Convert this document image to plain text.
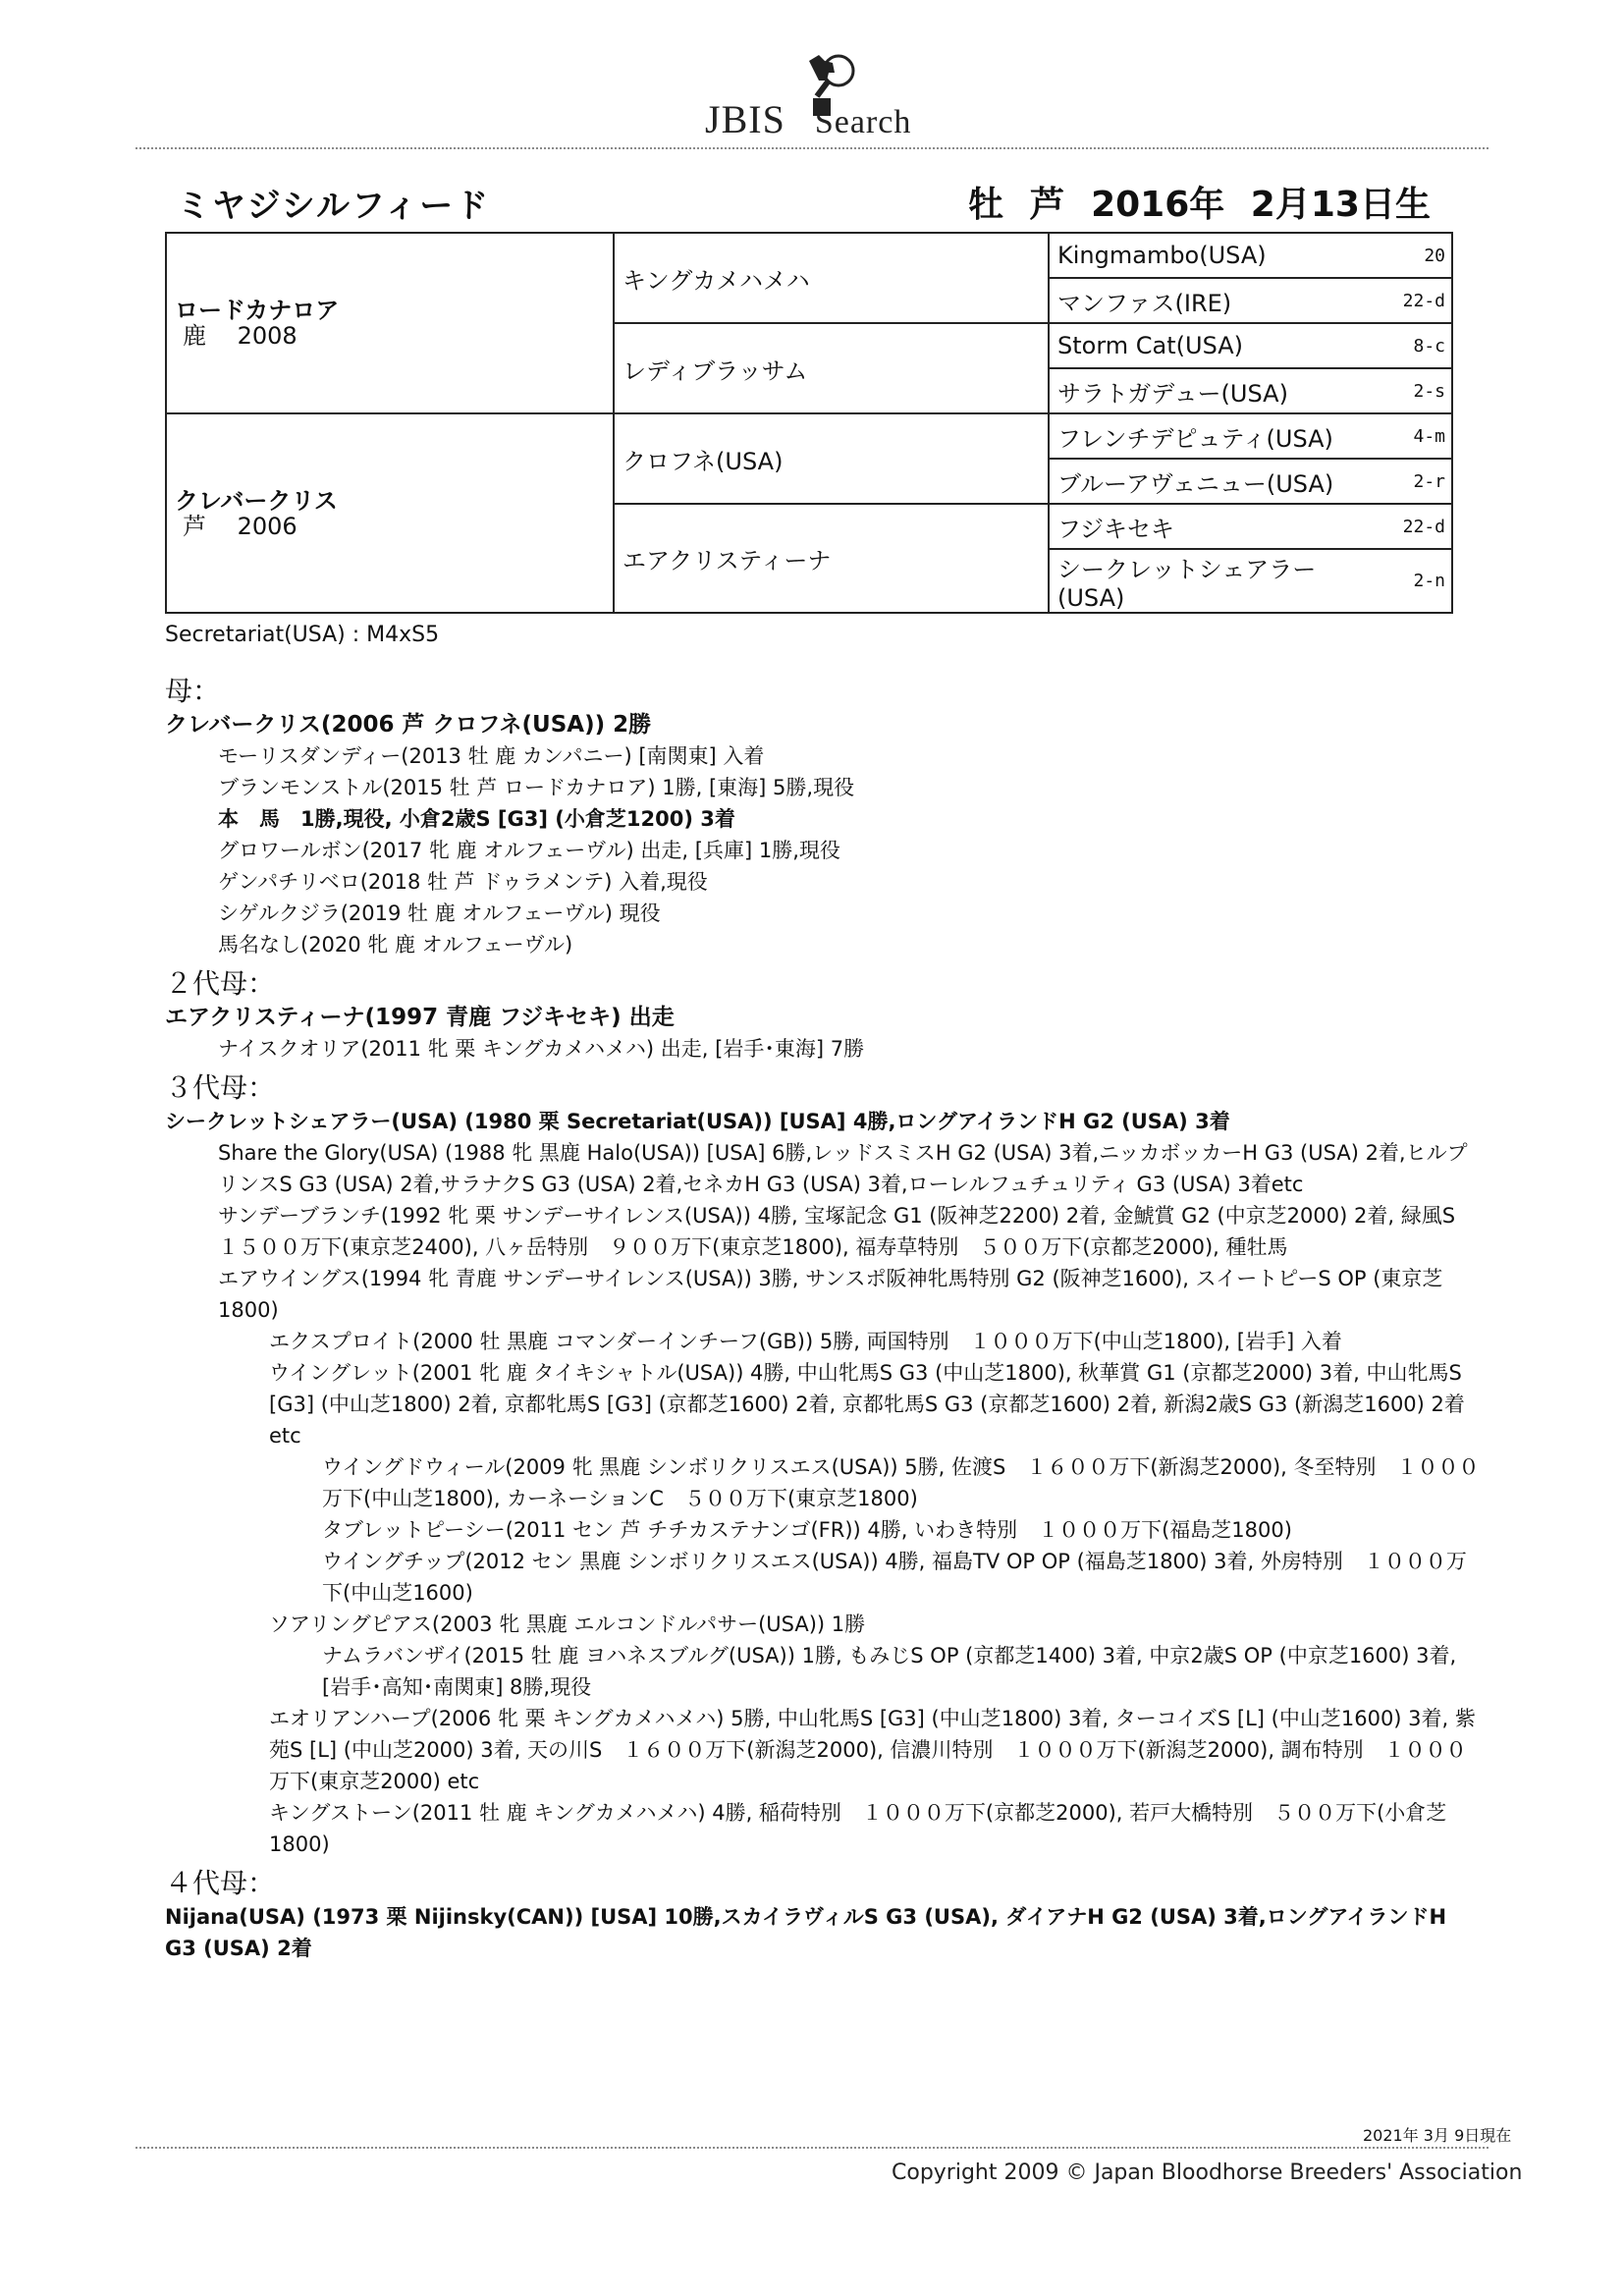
JBIS Search
ミヤジシルフィード	牡 芦 2016年 2月13日生
ロードカナロア
鹿　 2008	キングカメハメハ	Kingmambo(USA)	20
		マンファス(IRE)	22-d
	レディブラッサム	Storm Cat(USA)	8-c
		サラトガデュー(USA)	2-s

クレバークリス
芦　 2006	クロフネ(USA)	フレンチデピュティ(USA)	4-m
		ブルーアヴェニュー(USA)	2-r
	エアクリスティーナ	フジキセキ	22-d
		シークレットシェアラー(USA)	2-n
Secretariat(USA) : M4xS5
母：
クレバークリス(2006 芦 クロフネ(USA)) 2勝
モーリスダンディー(2013 牡 鹿 カンパニー) [南関東] 入着
ブランモンストル(2015 牡 芦 ロードカナロア) 1勝, [東海] 5勝,現役
本　馬　1勝,現役, 小倉2歳S [G3] (小倉芝1200) 3着
グロワールボン(2017 牝 鹿 オルフェーヴル) 出走, [兵庫] 1勝,現役
ゲンパチリベロ(2018 牡 芦 ドゥラメンテ) 入着,現役
シゲルクジラ(2019 牡 鹿 オルフェーヴル) 現役
馬名なし(2020 牝 鹿 オルフェーヴル)
２代母：
エアクリスティーナ(1997 青鹿 フジキセキ) 出走
ナイスクオリア(2011 牝 栗 キングカメハメハ) 出走, [岩手･東海] 7勝
３代母：
シークレットシェアラー(USA) (1980 栗 Secretariat(USA)) [USA] 4勝,ロングアイランドH G2 (USA) 3着
Share the Glory(USA) (1988 牝 黒鹿 Halo(USA)) [USA] 6勝,レッドスミスH G2 (USA) 3着,ニッカボッカーH G3 (USA) 2着,ヒルプリンスS G3 (USA) 2着,サラナクS G3 (USA) 2着,セネカH G3 (USA) 3着,ローレルフュチュリティ G3 (USA) 3着etc
サンデーブランチ(1992 牝 栗 サンデーサイレンス(USA)) 4勝, 宝塚記念 G1 (阪神芝2200) 2着, 金鯱賞 G2 (中京芝2000) 2着, 緑風S　１５００万下(東京芝2400), 八ヶ岳特別　９００万下(東京芝1800), 福寿草特別　５００万下(京都芝2000), 種牡馬
エアウイングス(1994 牝 青鹿 サンデーサイレンス(USA)) 3勝, サンスポ阪神牝馬特別 G2 (阪神芝1600), スイートピーS OP (東京芝1800)
エクスプロイト(2000 牡 黒鹿 コマンダーインチーフ(GB)) 5勝, 両国特別　１０００万下(中山芝1800), [岩手] 入着
ウイングレット(2001 牝 鹿 タイキシャトル(USA)) 4勝, 中山牝馬S G3 (中山芝1800), 秋華賞 G1 (京都芝2000) 3着, 中山牝馬S [G3] (中山芝1800) 2着, 京都牝馬S [G3] (京都芝1600) 2着, 京都牝馬S G3 (京都芝1600) 2着, 新潟2歳S G3 (新潟芝1600) 2着etc
ウイングドウィール(2009 牝 黒鹿 シンボリクリスエス(USA)) 5勝, 佐渡S　１６００万下(新潟芝2000), 冬至特別　１０００万下(中山芝1800), カーネーションC　５００万下(東京芝1800)
タブレットピーシー(2011 セン 芦 チチカステナンゴ(FR)) 4勝, いわき特別　１０００万下(福島芝1800)
ウイングチップ(2012 セン 黒鹿 シンボリクリスエス(USA)) 4勝, 福島TV OP OP (福島芝1800) 3着, 外房特別　１０００万下(中山芝1600)
ソアリングピアス(2003 牝 黒鹿 エルコンドルパサー(USA)) 1勝
ナムラバンザイ(2015 牡 鹿 ヨハネスブルグ(USA)) 1勝, もみじS OP (京都芝1400) 3着, 中京2歳S OP (中京芝1600) 3着, [岩手･高知･南関東] 8勝,現役
エオリアンハープ(2006 牝 栗 キングカメハメハ) 5勝, 中山牝馬S [G3] (中山芝1800) 3着, ターコイズS [L] (中山芝1600) 3着, 紫苑S [L] (中山芝2000) 3着, 天の川S　１６００万下(新潟芝2000), 信濃川特別　１０００万下(新潟芝2000), 調布特別　１０００万下(東京芝2000) etc
キングストーン(2011 牡 鹿 キングカメハメハ) 4勝, 稲荷特別　１０００万下(京都芝2000), 若戸大橋特別　５００万下(小倉芝1800)
４代母：
Nijana(USA) (1973 栗 Nijinsky(CAN)) [USA] 10勝,スカイラヴィルS G3 (USA), ダイアナH G2 (USA) 3着,ロングアイランドH G3 (USA) 2着
2021年 3月 9日現在
Copyright 2009 © Japan Bloodhorse Breeders' Association
